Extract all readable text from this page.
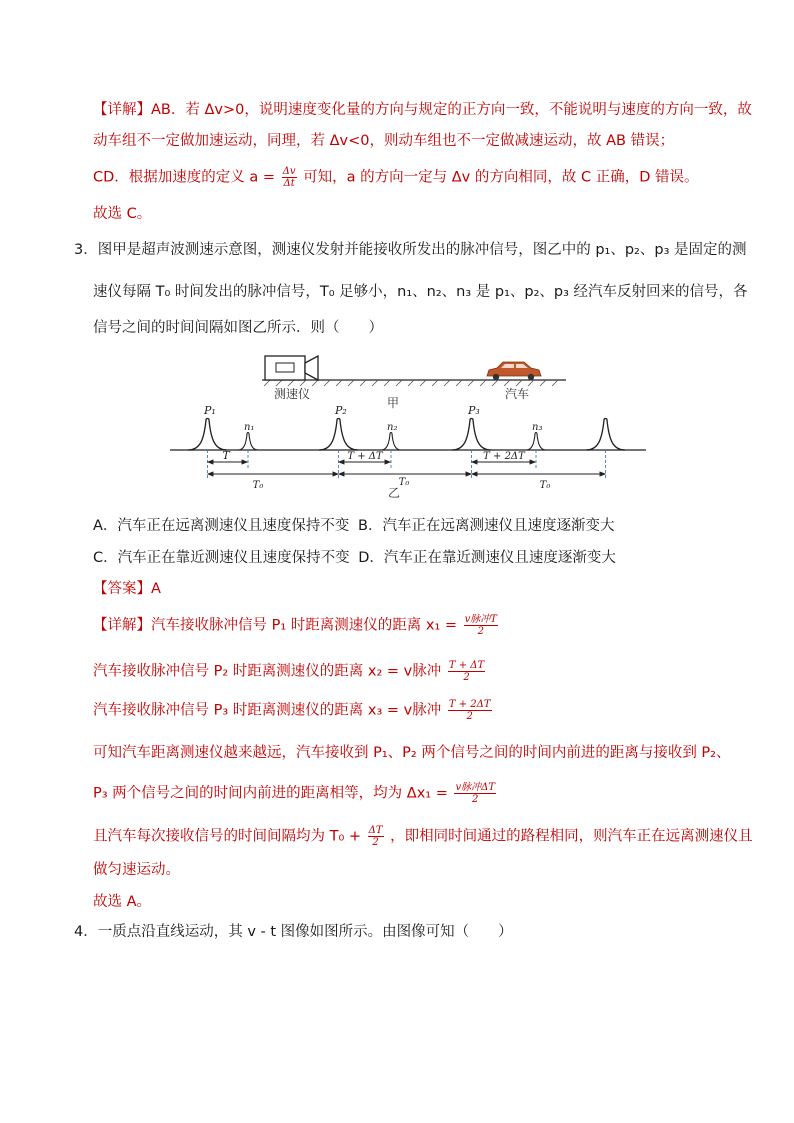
【详解】AB．若 Δv>0，说明速度变化量的方向与规定的正方向一致，不能说明与速度的方向一致，故
动车组不一定做加速运动，同理，若 Δv<0，则动车组也不一定做减速运动，故 AB 错误；
CD．根据加速度的定义 $a = \frac{\Delta v}{\Delta t}$ 可知，a 的方向一定与 Δv 的方向相同，故 C 正确，D 错误。
故选 C。
3．图甲是超声波测速示意图，测速仪发射并能接收所发出的脉冲信号，图乙中的 p₁、p₂、p₃ 是固定的测
速仪每隔 T₀ 时间发出的脉冲信号，T₀ 足够小，n₁、n₂、n₃ 是 p₁、p₂、p₃ 经汽车反射回来的信号，各
信号之间的时间间隔如图乙所示．则（　　）
测速仪	汽车
甲
P₁	P₂	P₃
n₁	n₂	n₃
T	T + ΔT	T + 2ΔT
T₀	T₀	T₀
乙
A．汽车正在远离测速仪且速度保持不变 B．汽车正在远离测速仪且速度逐渐变大
C．汽车正在靠近测速仪且速度保持不变 D．汽车正在靠近测速仪且速度逐渐变大
【答案】A
【详解】汽车接收脉冲信号 P₁ 时距离测速仪的距离 $x_1 = \frac{\text{v脉冲T}}{2}$
汽车接收脉冲信号 P₂ 时距离测速仪的距离 x₂ = v脉冲 $\frac{T + \Delta T}{2}$
汽车接收脉冲信号 P₃ 时距离测速仪的距离 x₃ = v脉冲 $\frac{T + 2\Delta T}{2}$
可知汽车距离测速仪越来越远，汽车接收到 P₁、P₂ 两个信号之间的时间内前进的距离与接收到 P₂、
P₃ 两个信号之间的时间内前进的距离相等，均为 $\Delta x_1 = \frac{\text{v脉冲ΔT}}{2}$
且汽车每次接收信号的时间间隔均为 $T_0 + \frac{\Delta T}{2}$ ，即相同时间通过的路程相同，则汽车正在远离测速仪且
做匀速运动。
故选 A。
4．一质点沿直线运动，其 v - t 图像如图所示。由图像可知（　　）
